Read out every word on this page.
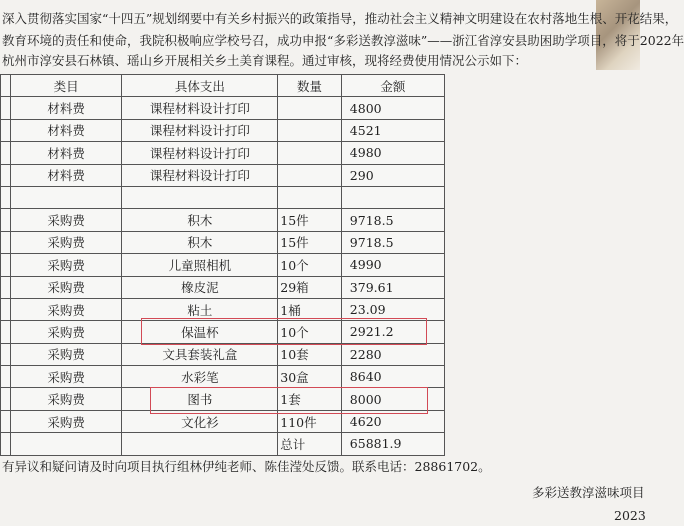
深入贯彻落实国家“十四五”规划纲要中有关乡村振兴的政策指导，推动社会主义精神文明建设在农村落地生根、开花结果，
教育环境的责任和使命，我院积极响应学校号召，成功申报“多彩送教淳滋味”——浙江省淳安县助困助学项目，将于2022年
杭州市淳安县石林镇、瑶山乡开展相关乡土美育课程。通过审核，现将经费使用情况公示如下：
	类目	具体支出	数量	金额
	材料费	课程材料设计打印		4800
	材料费	课程材料设计打印		4521
	材料费	课程材料设计打印		4980
	材料费	课程材料设计打印		290

	采购费	积木	15件	9718.5
	采购费	积木	15件	9718.5
	采购费	儿童照相机	10个	4990
	采购费	橡皮泥	29箱	379.61
	采购费	粘土	1桶	23.09
	采购费	保温杯	10个	2921.2
	采购费	文具套装礼盒	10套	2280
	采购费	水彩笔	30盒	8640
	采购费	图书	1套	8000
	采购费	文化衫	110件	4620
			总计	65881.9
有异议和疑问请及时向项目执行组林伊纯老师、陈佳滢处反馈。联系电话：28861702。
多彩送教淳滋味项目
2023
